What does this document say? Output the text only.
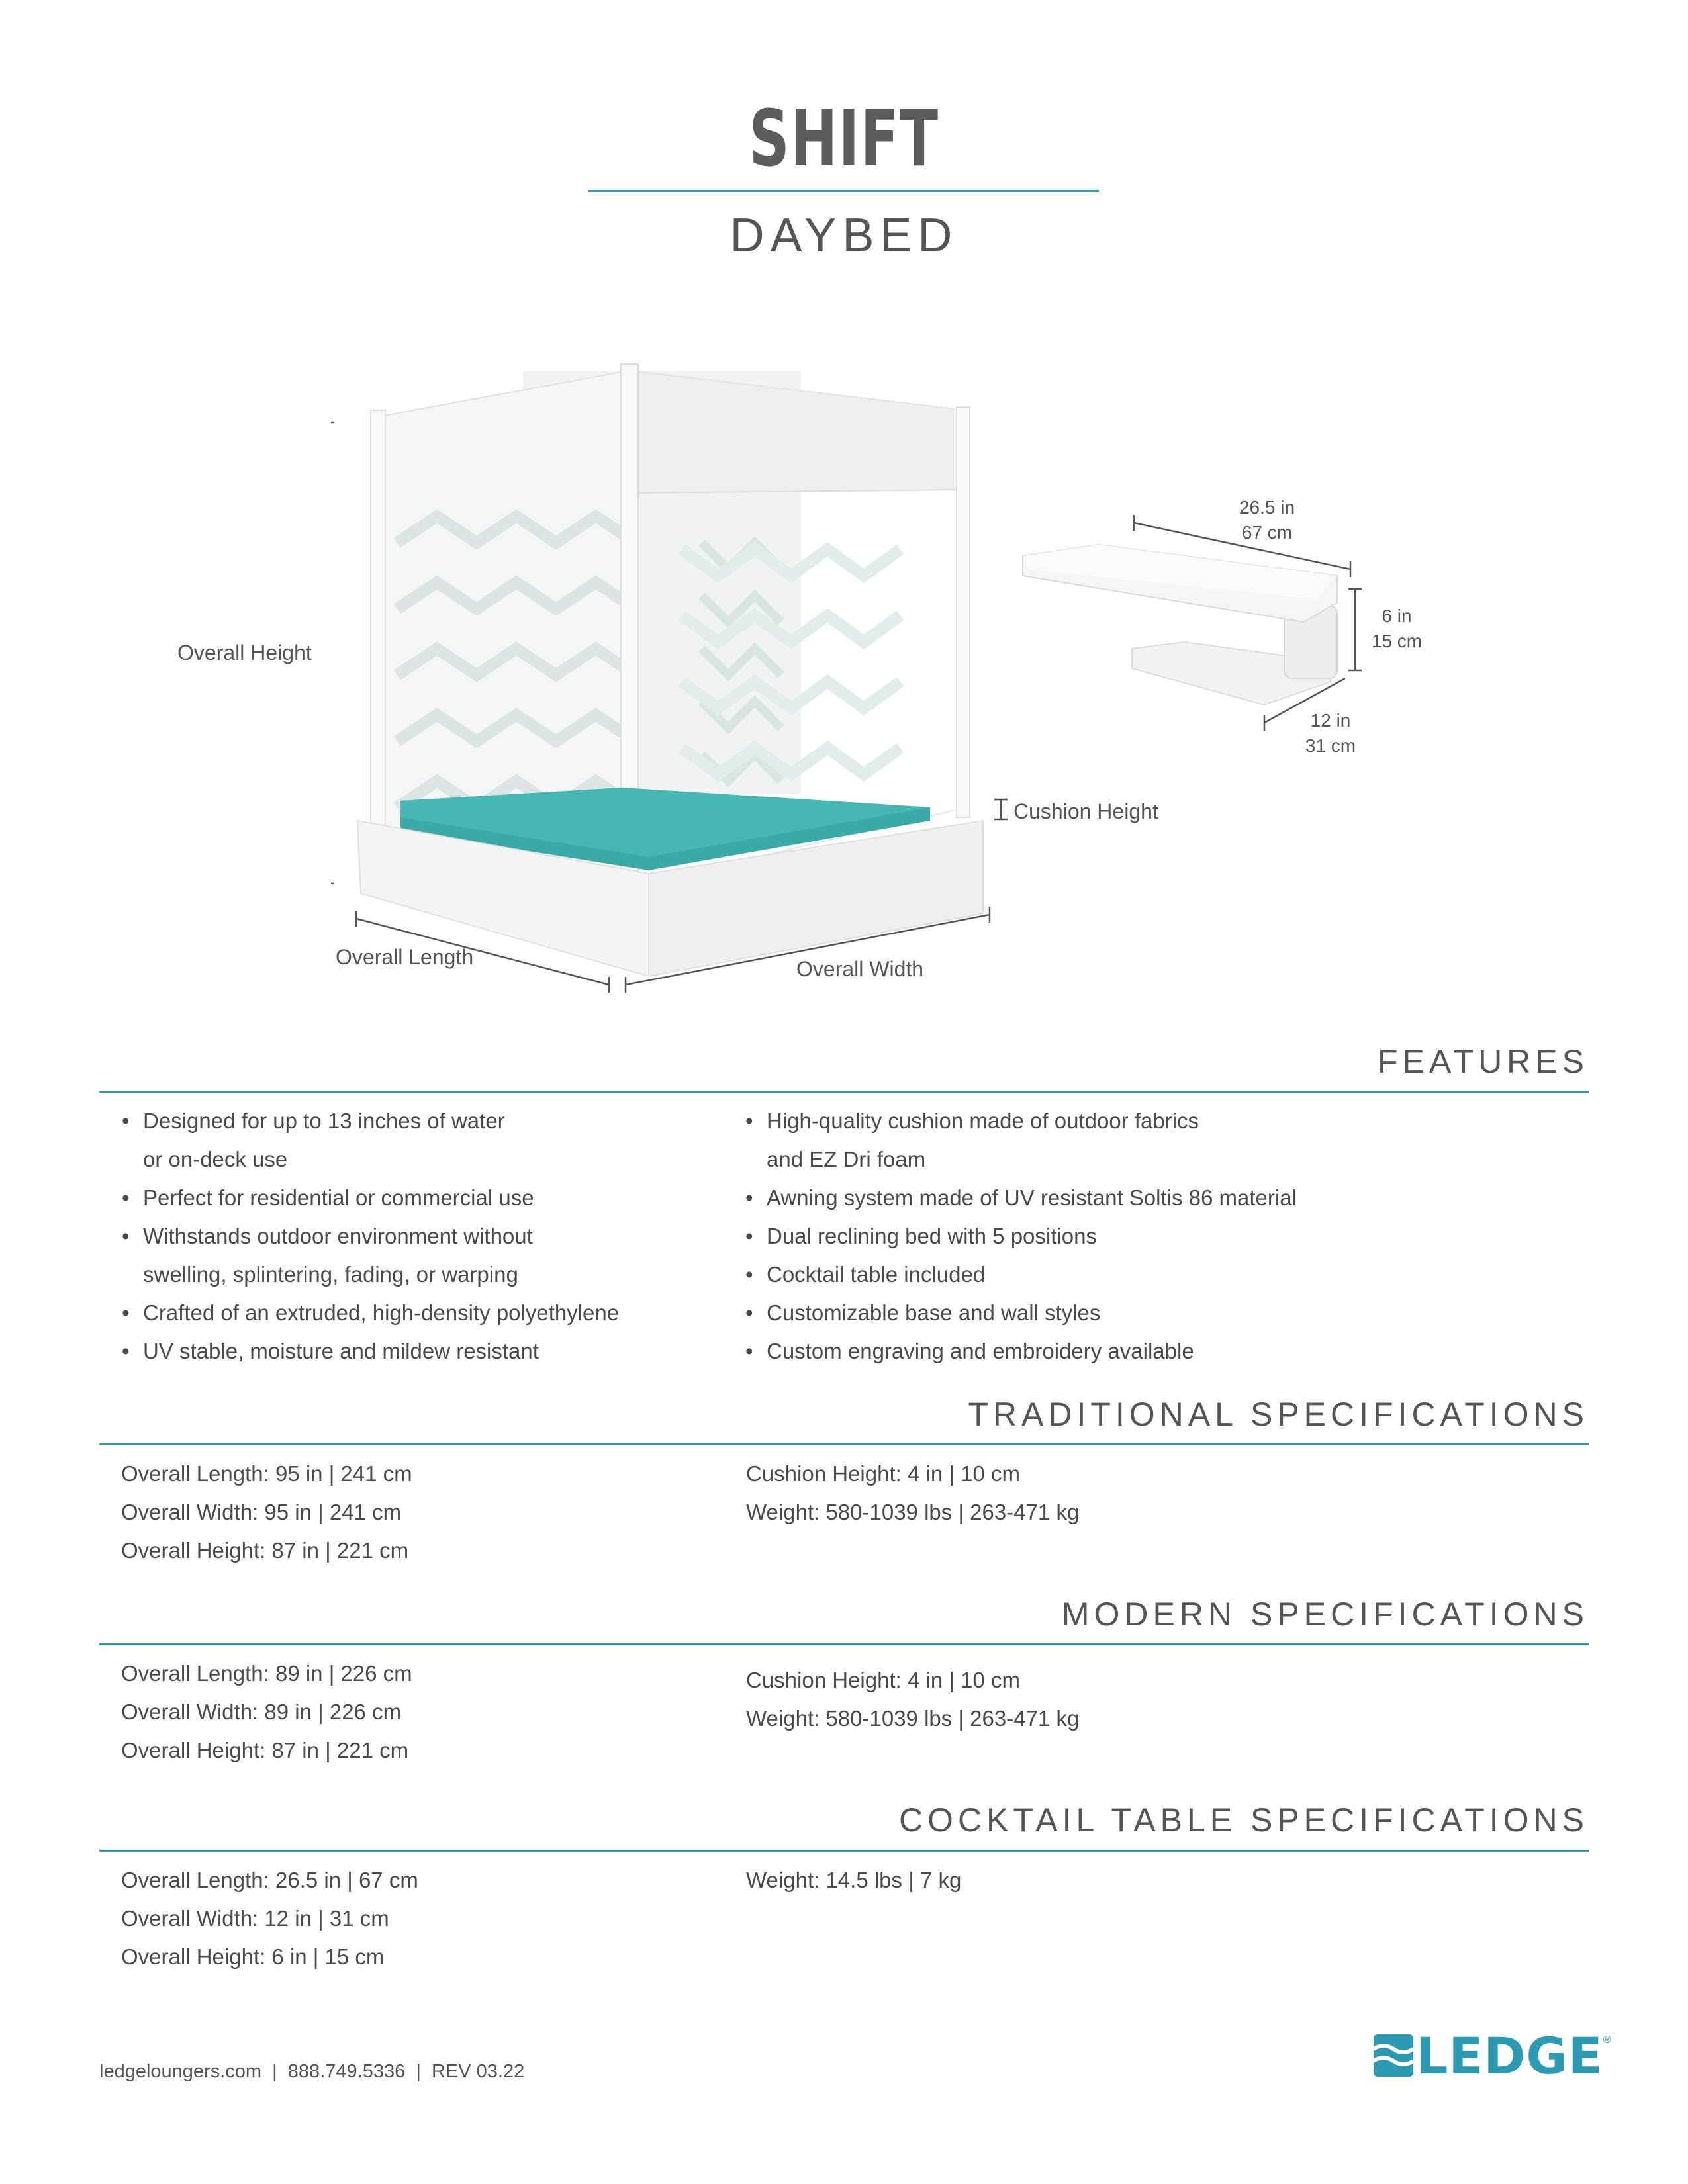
SHIFT
DAYBED
Overall Height
Cushion Height
Overall Length	Overall Width
26.5 in
67 cm
6 in
15 cm
12 in
31 cm
FEATURES
• Designed for up to 13 inches of water
or on-deck use
• Perfect for residential or commercial use
• Withstands outdoor environment without
swelling, splintering, fading, or warping
• Crafted of an extruded, high-density polyethylene
• UV stable, moisture and mildew resistant
• High-quality cushion made of outdoor fabrics
and EZ Dri foam
• Awning system made of UV resistant Soltis 86 material
• Dual reclining bed with 5 positions
• Cocktail table included
• Customizable base and wall styles
• Custom engraving and embroidery available
TRADITIONAL SPECIFICATIONS
Overall Length: 95 in | 241 cm
Overall Width: 95 in | 241 cm
Overall Height: 87 in | 221 cm
Cushion Height: 4 in | 10 cm
Weight: 580-1039 lbs | 263-471 kg
MODERN SPECIFICATIONS
Overall Length: 89 in | 226 cm
Overall Width: 89 in | 226 cm
Overall Height: 87 in | 221 cm
Cushion Height: 4 in | 10 cm
Weight: 580-1039 lbs | 263-471 kg
COCKTAIL TABLE SPECIFICATIONS
Overall Length: 26.5 in | 67 cm
Overall Width: 12 in | 31 cm
Overall Height: 6 in | 15 cm
Weight: 14.5 lbs | 7 kg
ledgeloungers.com  |  888.749.5336  |  REV 03.22	LEDGE ®
